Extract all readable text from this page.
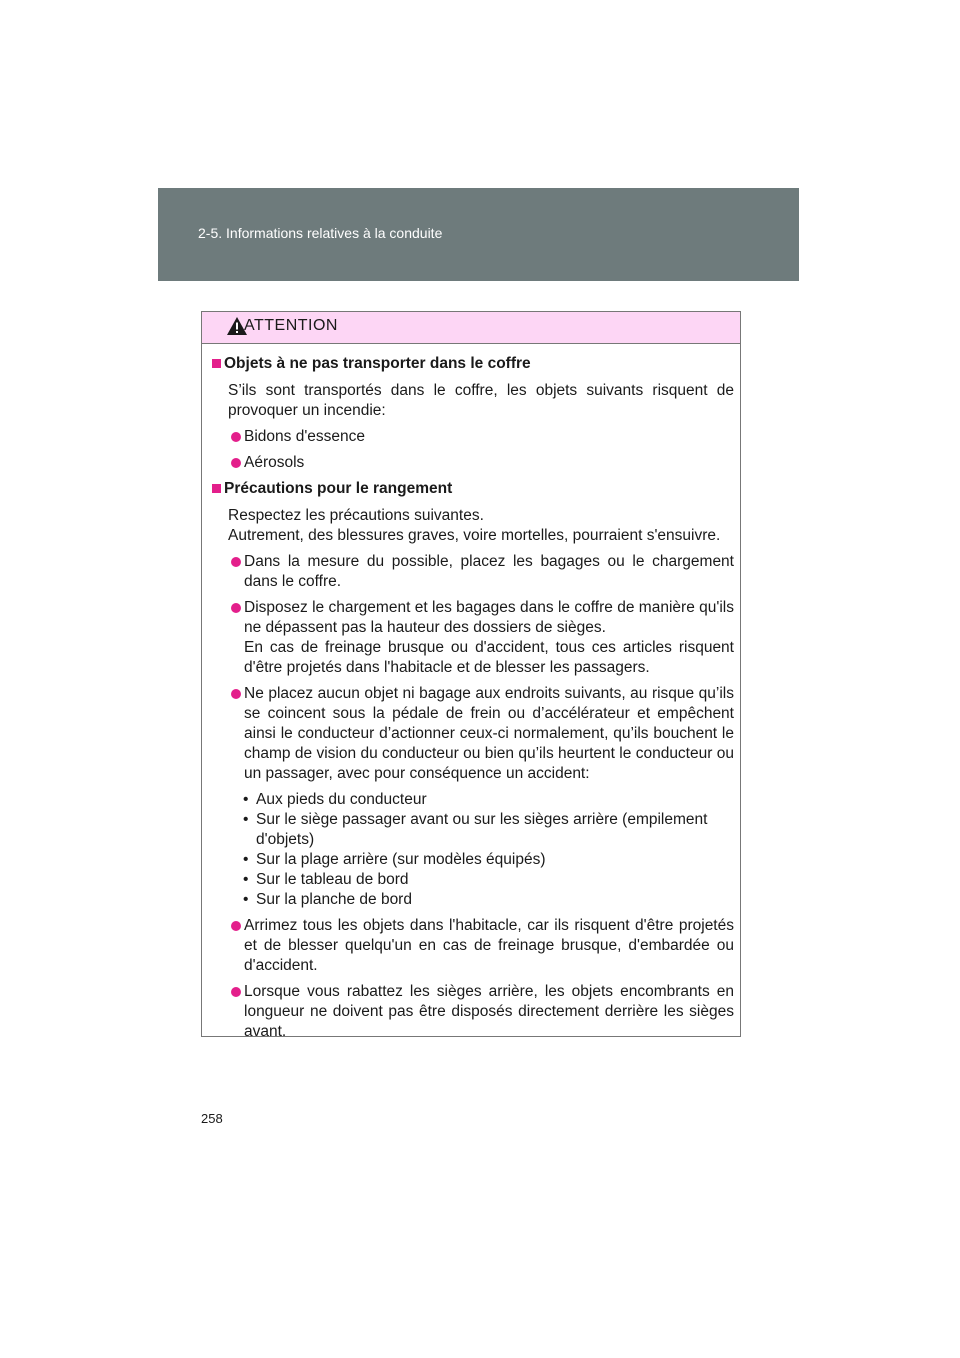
2-5. Informations relatives à la conduite
ATTENTION
Objets à ne pas transporter dans le coffre

S’ils sont transportés dans le coffre, les objets suivants risquent de provoquer un incendie:

Bidons d'essence
Aérosols
Précautions pour le rangement

Respectez les précautions suivantes.
Autrement, des blessures graves, voire mortelles, pourraient s'ensuivre.

Dans la mesure du possible, placez les bagages ou le chargement dans le coffre.
Disposez le chargement et les bagages dans le coffre de manière qu'ils ne dépassent pas la hauteur des dossiers de sièges.
En cas de freinage brusque ou d'accident, tous ces articles risquent d'être projetés dans l'habitacle et de blesser les passagers.
Ne placez aucun objet ni bagage aux endroits suivants, au risque qu’ils se coincent sous la pédale de frein ou d’accélérateur et empêchent ainsi le conducteur d’actionner ceux-ci normalement, qu’ils bouchent le champ de vision du conducteur ou bien qu’ils heurtent le conducteur ou un passager, avec pour conséquence un accident:
• Aux pieds du conducteur
• Sur le siège passager avant ou sur les sièges arrière (empilement d'objets)
• Sur la plage arrière (sur modèles équipés)
• Sur le tableau de bord
• Sur la planche de bord
Arrimez tous les objets dans l'habitacle, car ils risquent d'être projetés et de blesser quelqu'un en cas de freinage brusque, d'embardée ou d'accident.
Lorsque vous rabattez les sièges arrière, les objets encombrants en longueur ne doivent pas être disposés directement derrière les sièges avant.
258
